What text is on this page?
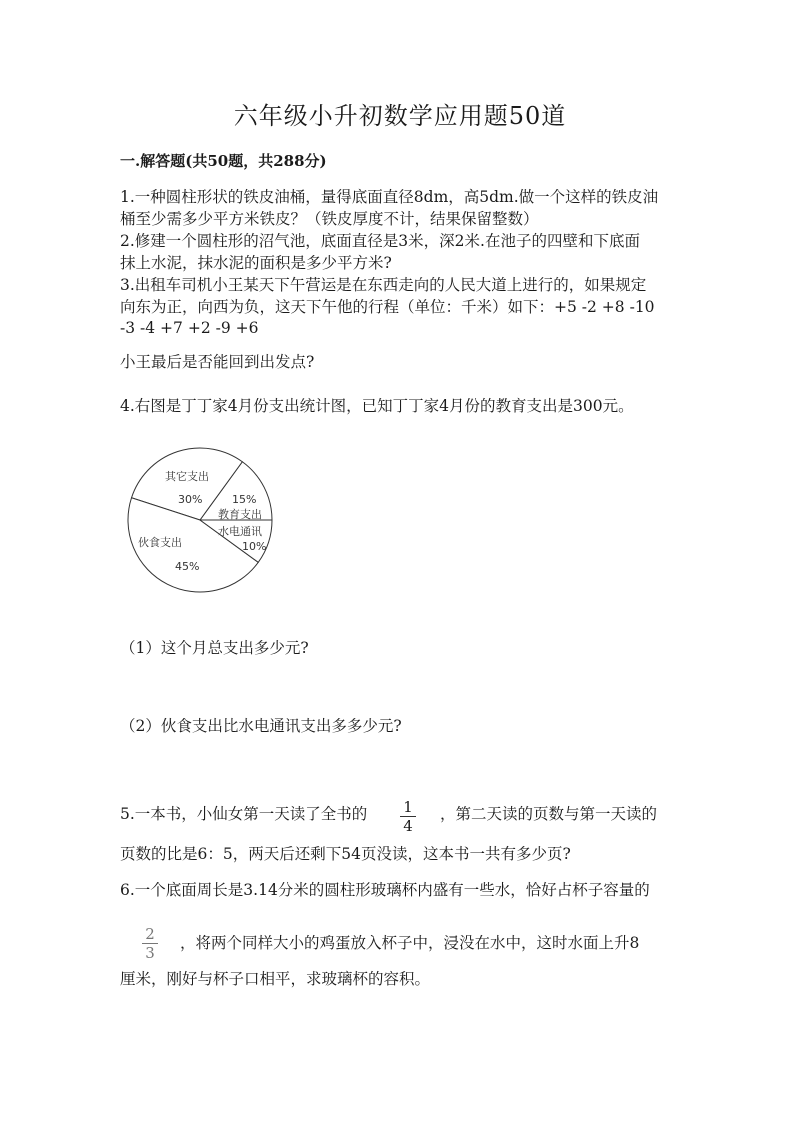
六年级小升初数学应用题50道
一.解答题(共50题，共288分)
1.一种圆柱形状的铁皮油桶，量得底面直径8dm，高5dm.做一个这样的铁皮油
桶至少需多少平方米铁皮？（铁皮厚度不计，结果保留整数）
2.修建一个圆柱形的沼气池，底面直径是3米，深2米.在池子的四壁和下底面
抹上水泥，抹水泥的面积是多少平方米?
3.出租车司机小王某天下午营运是在东西走向的人民大道上进行的，如果规定
向东为正，向西为负，这天下午他的行程（单位：千米）如下：+5 -2 +8 -10
-3 -4 +7 +2 -9 +6
小王最后是否能回到出发点?
4.右图是丁丁家4月份支出统计图，已知丁丁家4月份的教育支出是300元。
其它支出
30%	15%
教育支出
水电通讯
10%
伙食支出
45%
（1）这个月总支出多少元?
（2）伙食支出比水电通讯支出多多少元?
5.一本书，小仙女第一天读了全书的	1
4
，第二天读的页数与第一天读的
页数的比是6：5，两天后还剩下54页没读，这本书一共有多少页?
6.一个底面周长是3.14分米的圆柱形玻璃杯内盛有一些水，恰好占杯子容量的
2
3
，将两个同样大小的鸡蛋放入杯子中，浸没在水中，这时水面上升8
厘米，刚好与杯子口相平，求玻璃杯的容积。
